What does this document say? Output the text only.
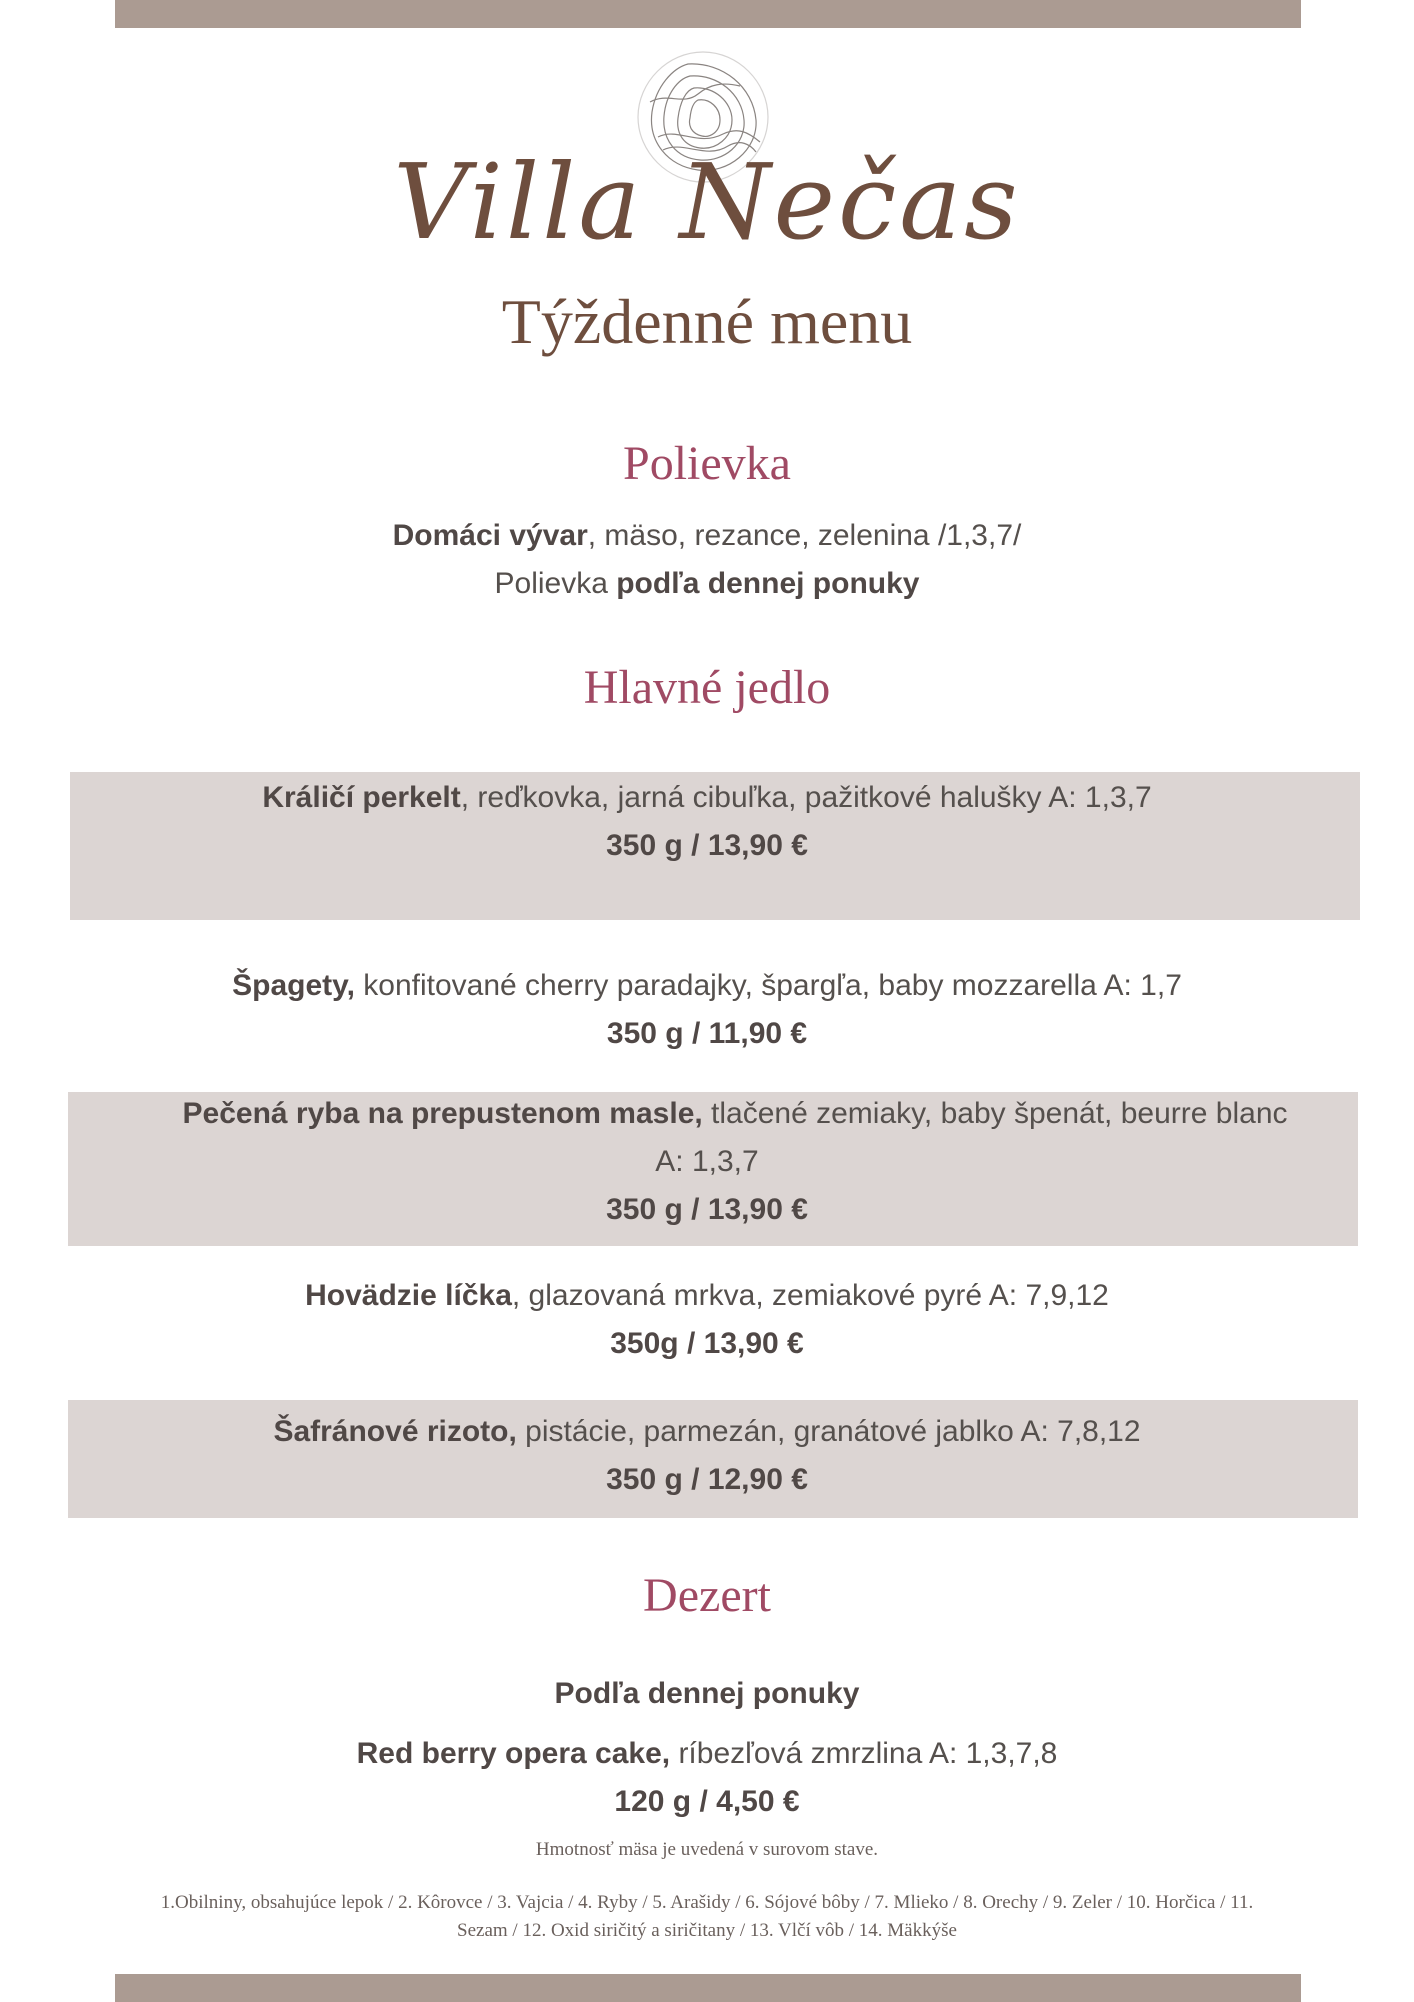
Villa Nečas
Týždenné menu
Polievka
Domáci vývar, mäso, rezance, zelenina /1,3,7/
Polievka podľa dennej ponuky
Hlavné jedlo
Králičí perkelt, reďkovka, jarná cibuľka, pažitkové halušky A: 1,3,7
350 g / 13,90 €
Špagety, konfitované cherry paradajky, špargľa, baby mozzarella A: 1,7
350 g / 11,90 €
Pečená ryba na prepustenom masle, tlačené zemiaky, baby špenát, beurre blanc
A: 1,3,7
350 g / 13,90 €
Hovädzie líčka, glazovaná mrkva, zemiakové pyré A: 7,9,12
350g / 13,90 €
Šafránové rizoto, pistácie, parmezán, granátové jablko A: 7,8,12
350 g / 12,90 €
Dezert
Podľa dennej ponuky
Red berry opera cake, ríbezľová zmrzlina A: 1,3,7,8
120 g / 4,50 €
Hmotnosť mäsa je uvedená v surovom stave.
1.Obilniny, obsahujúce lepok / 2. Kôrovce / 3. Vajcia / 4. Ryby / 5. Arašidy / 6. Sójové bôby / 7. Mlieko / 8. Orechy / 9. Zeler / 10. Horčica / 11.
Sezam / 12. Oxid siričitý a siričitany / 13. Vlčí vôb / 14. Mäkkýše
